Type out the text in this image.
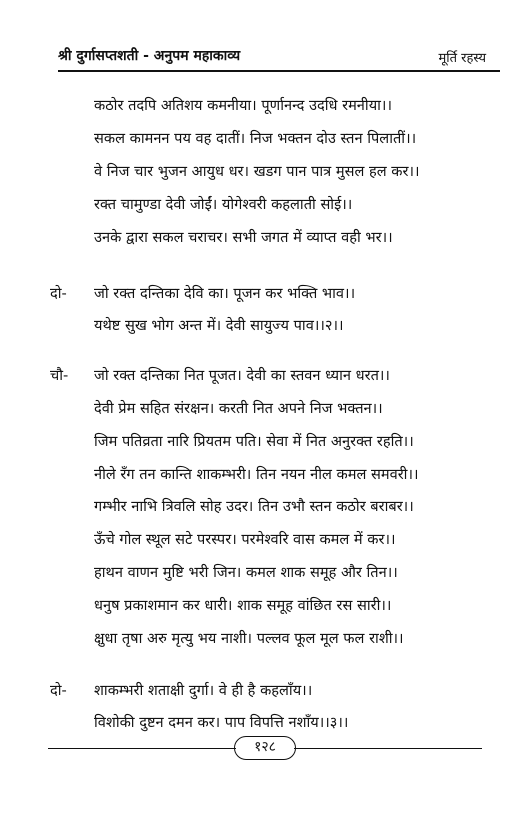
श्री दुर्गासप्तशती - अनुपम महाकाव्य	मूर्ति रहस्य
कठोर तदपि अतिशय कमनीया। पूर्णानन्द उदधि रमनीया।।
सकल कामनन पय वह दातीं। निज भक्तन दोउ स्तन पिलातीं।।
वे निज चार भुजन आयुध धर। खडग पान पात्र मुसल हल कर।।
रक्त चामुण्डा देवी जोईं। योगेश्वरी कहलाती सोई।।
उनके द्वारा सकल चराचर। सभी जगत में व्याप्त वही भर।।
दो- जो रक्त दन्तिका देवि का। पूजन कर भक्ति भाव।।
यथेष्ट सुख भोग अन्त में। देवी सायुज्य पाव।।२।।
चौ- जो रक्त दन्तिका नित पूजत। देवी का स्तवन ध्यान धरत।।
देवी प्रेम सहित संरक्षन। करती नित अपने निज भक्तन।।
जिम पतिव्रता नारि प्रियतम पति। सेवा में नित अनुरक्त रहति।।
नीले रँग तन कान्ति शाकम्भरी। तिन नयन नील कमल समवरी।।
गम्भीर नाभि त्रिवलि सोह उदर। तिन उभौ स्तन कठोर बराबर।।
ऊँचे गोल स्थूल सटे परस्पर। परमेश्वरि वास कमल में कर।।
हाथन वाणन मुष्टि भरी जिन। कमल शाक समूह और तिन।।
धनुष प्रकाशमान कर धारी। शाक समूह वांछित रस सारी।।
क्षुधा तृषा अरु मृत्यु भय नाशी। पल्लव फूल मूल फल राशी।।
दो- शाकम्भरी शताक्षी दुर्गा। वे ही है कहलाँय।।
विशोकी दुष्टन दमन कर। पाप विपत्ति नशाँय।।३।।
१२८
